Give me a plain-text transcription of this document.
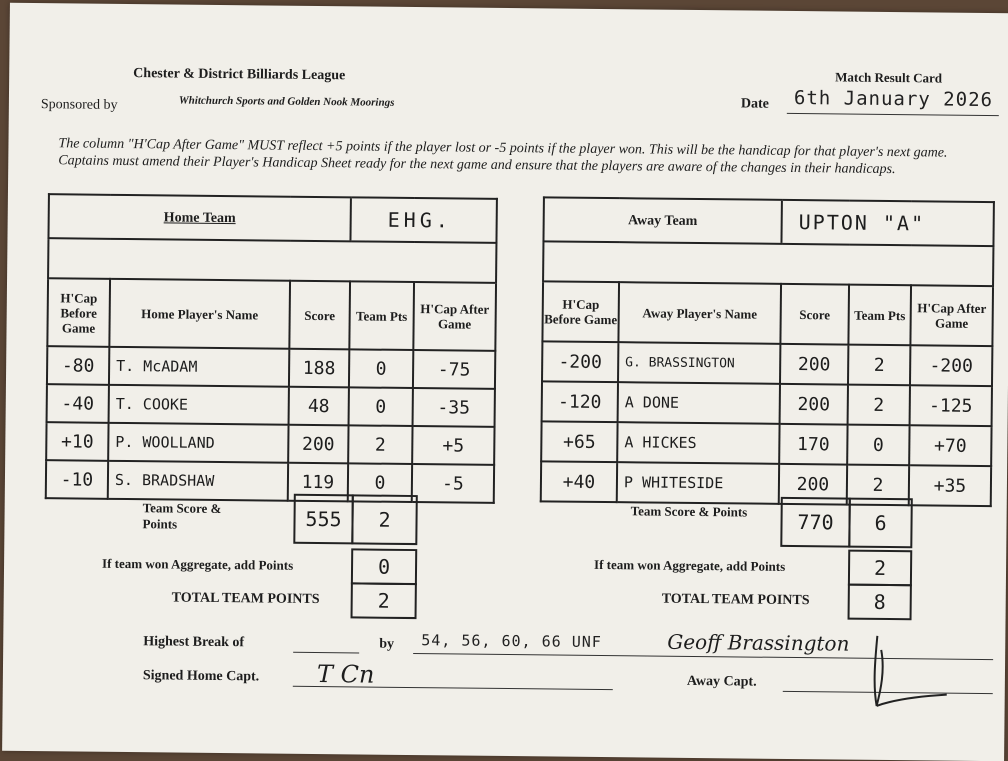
Chester & District Billiards League
Sponsored by	Whitchurch Sports and Golden Nook Moorings
Match Result Card
Date 6th January 2026
The column "H'Cap After Game" MUST reflect +5 points if the player lost or -5 points if the player won. This will be the handicap for that player's next game. Captains must amend their Player's Handicap Sheet ready for the next game and ensure that the players are aware of the changes in their handicaps.
Home Team			EHG.	

H'Cap Before Game	Home Player's Name	Score	Team Pts	H'Cap After Game
-80	T. McADAM	188	0	-75
-40	T. COOKE	48	0	-35
+10	P. WOOLLAND	200	2	+5
-10	S. BRADSHAW	119	0	-5
Team Score & Points	555	2
If team won Aggregate, add Points	0
TOTAL TEAM POINTS	2
Away Team		UPTON "A"		

H'Cap Before Game	Away Player's Name	Score	Team Pts	H'Cap After Game
-200	G. BRASSINGTON	200	2	-200
-120	A DONE	200	2	-125
+65	A HICKES	170	0	+70
+40	P WHITESIDE	200	2	+35
Team Score & Points	770	6
If team won Aggregate, add Points	2
TOTAL TEAM POINTS	8
Highest Break of	by 54, 56, 60, 66 UNF	Geoff Brassington
Signed Home Capt. T Cn	Away Capt.
